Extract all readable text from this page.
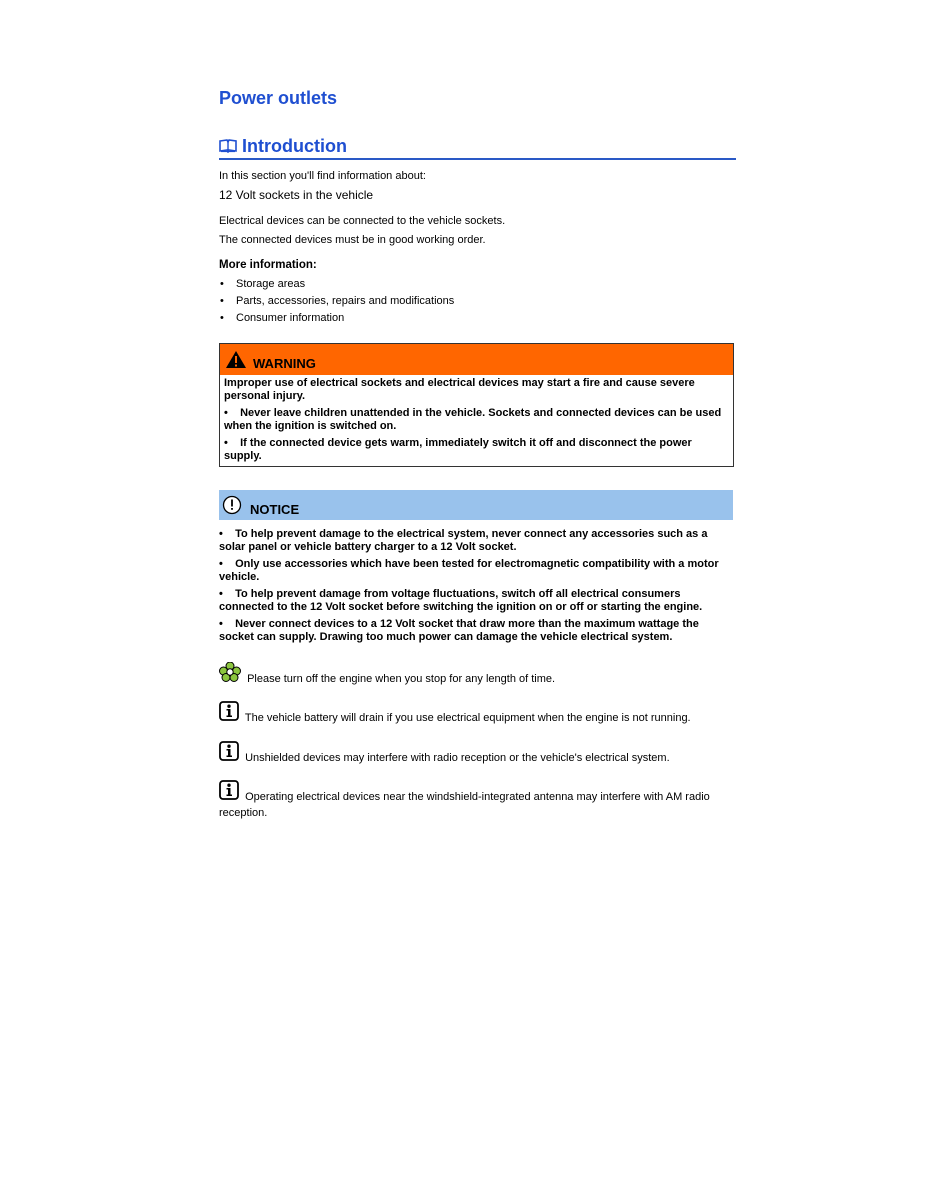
Power outlets
Introduction
In this section you'll find information about:
12 Volt sockets in the vehicle
Electrical devices can be connected to the vehicle sockets.
The connected devices must be in good working order.
More information:
• Storage areas
• Parts, accessories, repairs and modifications
• Consumer information
WARNING
Improper use of electrical sockets and electrical devices may start a fire and cause severe personal injury.
•    Never leave children unattended in the vehicle. Sockets and connected devices can be used when the ignition is switched on.
•    If the connected device gets warm, immediately switch it off and disconnect the power supply.
NOTICE
•    To help prevent damage to the electrical system, never connect any accessories such as a solar panel or vehicle battery charger to a 12 Volt socket.
•    Only use accessories which have been tested for electromagnetic compatibility with a motor vehicle.
•    To help prevent damage from voltage fluctuations, switch off all electrical consumers connected to the 12 Volt socket before switching the ignition on or off or starting the engine.
•    Never connect devices to a 12 Volt socket that draw more than the maximum wattage the socket can supply. Drawing too much power can damage the vehicle electrical system.
Please turn off the engine when you stop for any length of time.
The vehicle battery will drain if you use electrical equipment when the engine is not running.
Unshielded devices may interfere with radio reception or the vehicle's electrical system.
Operating electrical devices near the windshield-integrated antenna may interfere with AM radio reception.
